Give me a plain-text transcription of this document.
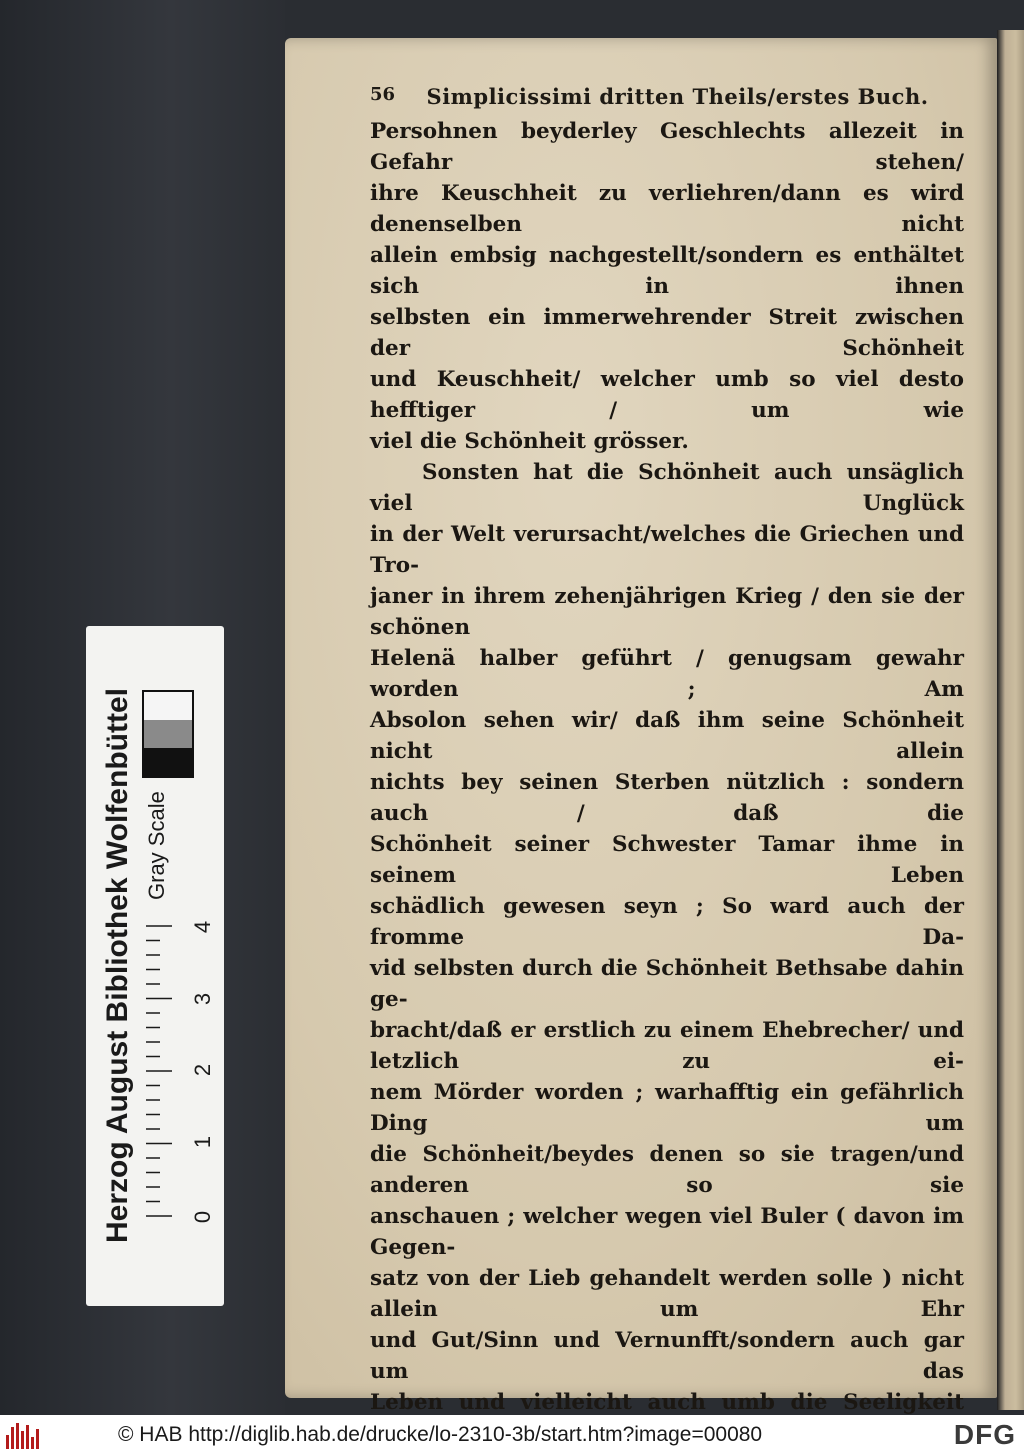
56	Simplicissimi dritten Theils/erstes Buch.

Persohnen beyderley Geschlechts allezeit in Gefahr stehen/

ihre Keuschheit zu verliehren/dann es wird denenselben nicht

allein embsig nachgestellt/sondern es enthältet sich in ihnen

selbsten ein immerwehrender Streit zwischen der Schönheit

und Keuschheit/ welcher umb so viel desto hefftiger / um wie

viel die Schönheit grösser.

Sonsten hat die Schönheit auch unsäglich viel Unglück

in der Welt verursacht/welches die Griechen und Tro-

janer in ihrem zehenjährigen Krieg / den sie der schönen

Helenä halber geführt / genugsam gewahr worden ; Am

Absolon sehen wir/ daß ihm seine Schönheit nicht allein

nichts bey seinen Sterben nützlich : sondern auch / daß die

Schönheit seiner Schwester Tamar ihme in seinem Leben

schädlich gewesen seyn ; So ward auch der fromme Da-

vid selbsten durch die Schönheit Bethsabe dahin ge-

bracht/daß er erstlich zu einem Ehebrecher/ und letzlich zu ei-

nem Mörder worden ; warhafftig ein gefährlich Ding um

die Schönheit/beydes denen so sie tragen/und anderen so sie

anschauen ; welcher wegen viel Buler ( davon im Gegen-

satz von der Lieb gehandelt werden solle ) nicht allein um Ehr

und Gut/Sinn und Vernunfft/sondern auch gar um das

Leben und vielleicht auch umb die Seeligkeit

Herzog August Bibliothek Wolfenbüttel Gray Scale
0
1
2
3
4
© HAB http://diglib.hab.de/drucke/lo-2310-3b/start.htm?image=00080	DFG
